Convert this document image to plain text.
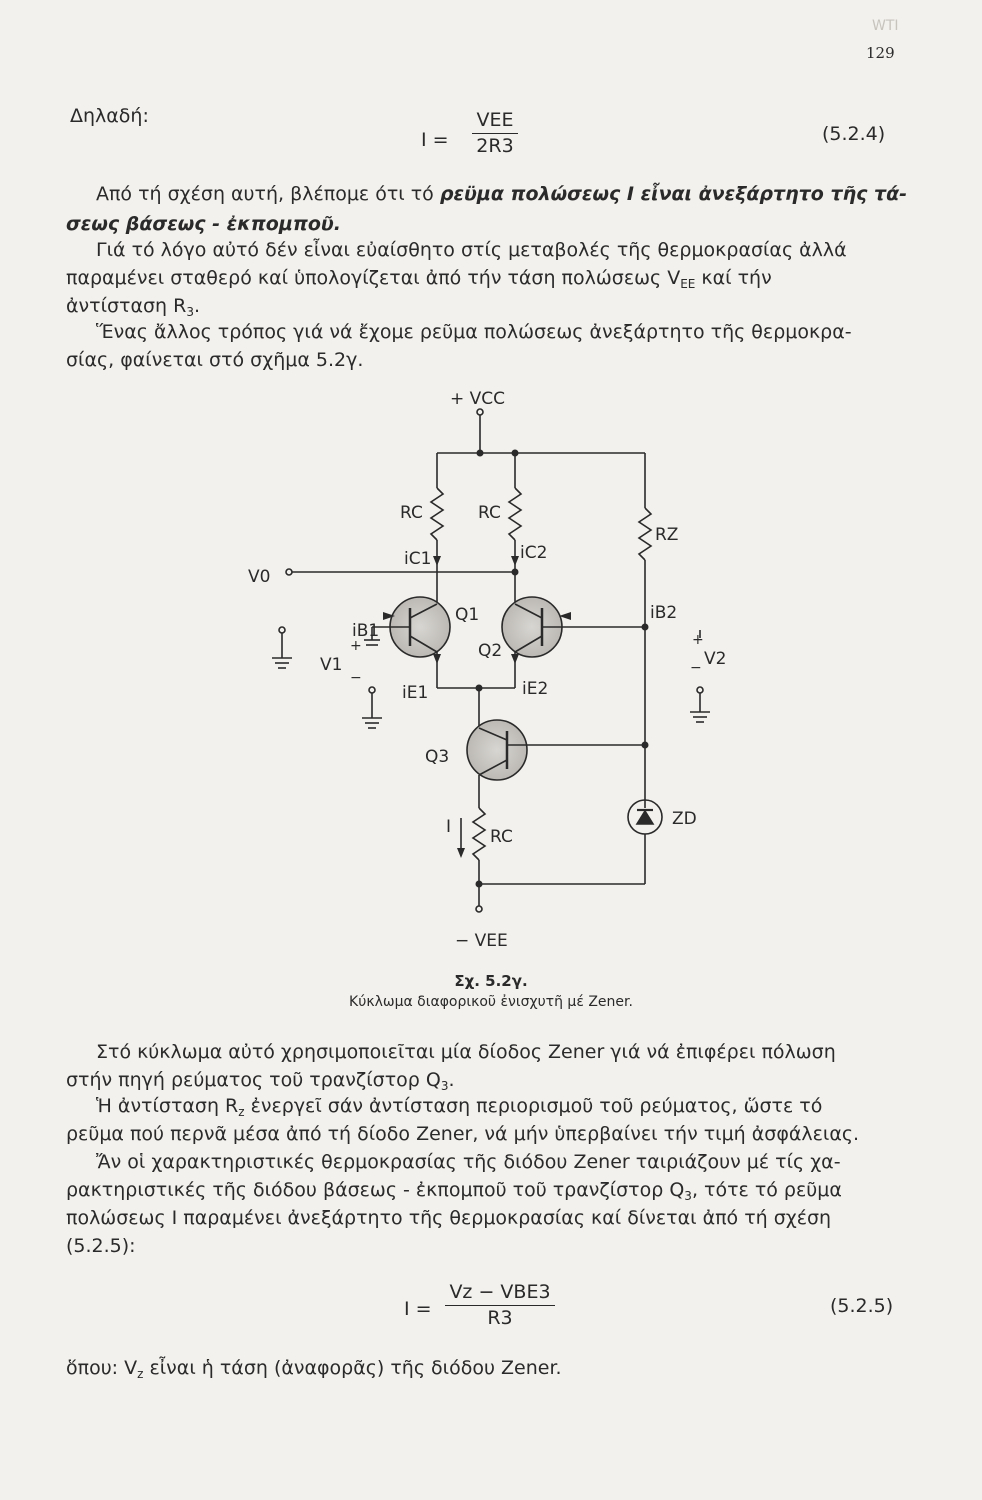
WTI
129
Δηλαδή:
I =
VEE
2R3
(5.2.4)
Από τή σχέση αυτή, βλέπομε ότι τό ρεϋμα πολώσεως I εἶναι ἀνεξάρτητο τῆς τά-
σεως βάσεως - ἐκπομποῦ.
Γιά τό λόγο αὐτό δέν εἶναι εὐαίσθητο στίς μεταβολές τῆς θερμοκρασίας ἀλλά
παραμένει σταθερό καί ὑπολογίζεται ἀπό τήν τάση πολώσεως $V_{EE}$ καί τήν
ἀντίσταση $R_3$.
Ἕνας ἄλλος τρόπος γιά νά ἔχομε ρεῦμα πολώσεως ἀνεξάρτητο τῆς θερμοκρα-
σίας, φαίνεται στό σχῆμα 5.2γ.
+ VCC
RC	RC
RZ
iC1	iC2
V0
iB1
Q1
Q2
iB2
V1	V2
iE1	iE2
Q3
ZD
I RC
− VEE
+
−
+
−
Σχ. 5.2γ.
Κύκλωμα διαφορικοῦ ἐνισχυτῆ μέ Zener.
Στό κύκλωμα αὐτό χρησιμοποιεῖται μία δίοδος Zener γιά νά ἐπιφέρει πόλωση
στήν πηγή ρεύματος τοῦ τρανζίστορ $Q_3$.
Ἡ ἀντίσταση $R_z$ ἐνεργεῖ σάν ἀντίσταση περιορισμοῦ τοῦ ρεύματος, ὥστε τό
ρεῦμα πού περνᾶ μέσα ἀπό τή δίοδο Zener, νά μήν ὑπερβαίνει τήν τιμή ἀσφάλειας.
Ἄν οἱ χαρακτηριστικές θερμοκρασίας τῆς διόδου Zener ταιριάζουν μέ τίς χα-
ρακτηριστικές τῆς διόδου βάσεως - ἐκπομποῦ τοῦ τρανζίστορ $Q_3$, τότε τό ρεῦμα
πολώσεως I παραμένει ἀνεξάρτητο τῆς θερμοκρασίας καί δίνεται ἀπό τή σχέση
(5.2.5):
I =
Vz − VBE3
R3
(5.2.5)
ὅπου: $V_z$ εἶναι ἡ τάση (ἀναφορᾶς) τῆς διόδου Zener.
